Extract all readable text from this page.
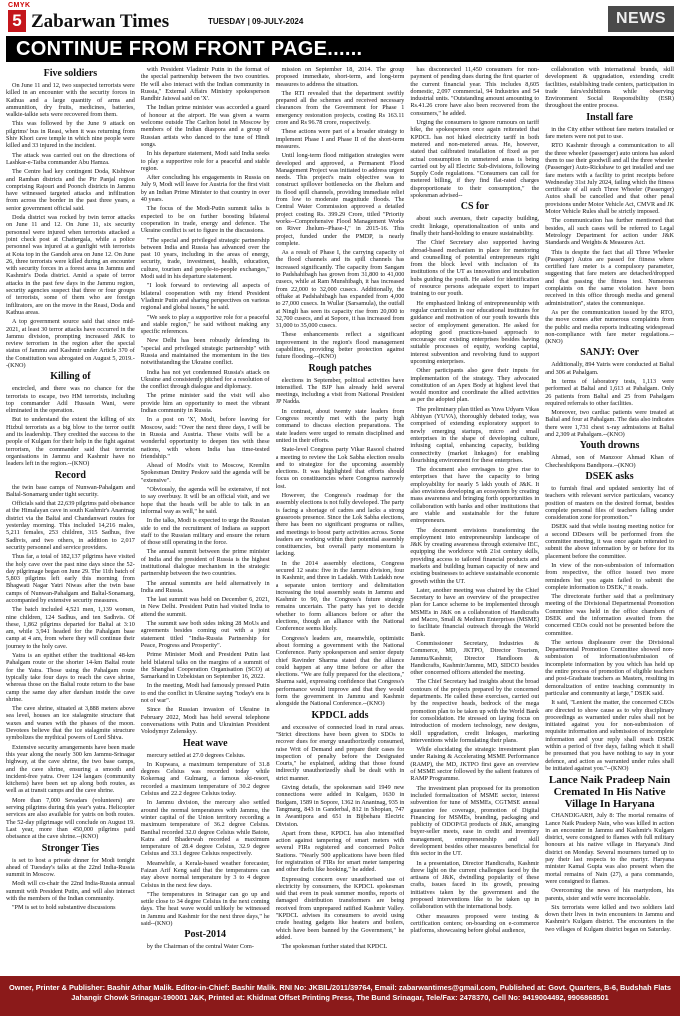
CMYK
5 Zabarwan Times	TUESDAY | 09-JULY-2024	NEWS
CONTINUE FROM FRONT PAGE......
Five soldiers

On June 11 and 12, two suspected terrorists were killed in an encounter with the security forces in Kathua and a large quantity of arms and ammunition, dry fruits, medicines, batteries, walkie-talkie sets were recovered from them.

This was followed by the June 9 attack on pilgrims' bus in Reasi, when it was returning from Shiv Khori cave temple in which nine people were killed and 33 injured in the incident.

The attack was carried out on the directions of Lashkar-e-Taiba commander Abu Hamza.

The Centre had key contingent Doda, Kishtwar and Ramban districts and the Pir Panjal region comprising Rajouri and Poonch districts in Jammu have witnessed targeted attacks and infiltration from across the border in the past three years, a senior government official said.

Doda district was rocked by twin terror attacks on June 11 and 12. On June 11, six security personnel were injured when terrorists attacked a joint check post at Chattergala, while a police personnel was injured at a gunfight with terrorists at Kota top in the Gandoh area on June 12. On June 26, three terrorists were killed during an encounter with security forces in a forest area in Jammu and Kashmir's Doda district. Amid a spate of terror attacks in the past few days in the Jammu region, security agencies suspect that three or four groups of terrorists, some of them who are foreign infiltrators, are on the move in the Reasi, Doda and Kathua areas.

A top government source said that since mid-2021, at least 30 terror attacks have occurred in the Jammu division, prompting increased J&K to review terrorism in the region after the special status of Jammu and Kashmir under Article 370 of the Constitution was abrogated on August 5, 2019.--(KNO)

Killing of

encircled, and there was no chance for the terrorists to escape, two HM terrorists, including top commander Adil Hussain Wani, were eliminated in the operation.

But to understand the extent the killing of six Hizbul terrorists as a big blow to the terror outfit and its leadership. They credited the success to the people of Kulgam for their help in the fight against terrorism, the commander said that terrorist organisations in Jammu and Kashmir have no leaders left in the region.--(KNO)

Record

the twin base camps of Nunwan-Pahalgam and Baltal-Sonamarg under tight security.

Officials said that 22,639 pilgrims paid obeisance at the Himalayan cave in south Kashmir's Anantnag district via the Baltal and Chandanwari routes for yesterday morning. This included 14,216 males, 5,211 females, 253 children, 315 Sadhus, five Sadhvis, and two others, in addition to 2,017 security personnel and service providers.

Thus far, a total of 182,137 pilgrims have visited the holy cave over the past nine days since the 52-day pilgrimage began on June 29. The 11th batch of 5,803 pilgrims left early this morning from Bhagwati Nagar Yatri Niwas after the twin base camps of Nunwan-Pahalgam and Baltal-Sonamarg, accompanied by extensive security measures.

The batch included 4,521 men, 1,139 women, nine children, 124 Sadhus, and ten Sadhvis. Of these, 1,862 pilgrims departed for Baltal at 3:10 am, while 3,941 headed for the Pahalgam base camp at 4 am, from where they will continue their journey to the holy cave.

Yatra is an epithet either the traditional 48-km Pahalgam route or the shorter 14-km Baltal route for the Yatra. Those using the Pahalgam route typically take four days to reach the cave shrine, whereas those on the Baltal route return to the base camp the same day after darshan inside the cave shrine.

The cave shrine, situated at 3,888 meters above sea level, houses an ice stalagmite structure that waxes and wanes with the phases of the moon. Devotees believe that the ice stalagmite structure symbolizes the mythical powers of Lord Shiva.

Extensive security arrangements have been made this year along the nearly 300 km Jammu-Srinagar highway, at the cave shrine, the two base camps, and the cave shrine, ensuring a smooth and incident-free yatra. Over 124 langars (community kitchens) have been set up along both routes, as well as at transit camps and the cave shrine.

More than 7,000 Sevadars (volunteers) are serving pilgrims during this year's yatra. Helicopter services are also available for yatris on both routes. The 52-day pilgrimage will conclude on August 19. Last year, more than 450,000 pilgrims paid obeisance at the cave shrine.--(KNO)

Stronger Ties

is set to host a private dinner for Modi tonight ahead of Tuesday's talks at the 22nd India-Russia summit in Moscow.

Modi will co-chair the 22nd India-Russia annual summit with President Putin, and will also interact with the members of the Indian community.

"PM is set to hold substantive discussions

with President Vladimir Putin in the format of the special partnership between the two countries. He will also interact with the Indian community in Russia," External Affairs Ministry spokesperson Randhir Jaiswal said on 'X'.

The Indian prime minister was accorded a guard of honour at the airport. He was given a warm welcome outside The Carlton hotel in Moscow by members of the Indian diaspora and a group of Russian artists who danced to the tune of Hindi songs.

In his departure statement, Modi said India seeks to play a supportive role for a peaceful and stable region.

After concluding his engagements in Russia on July 9, Modi will leave for Austria for the first visit by an Indian Prime Minister to that country in over 40 years.

The focus of the Modi-Putin summit talks is expected to be on further boosting bilateral cooperation in trade, energy and defence. The Ukraine conflict is set to figure in the discussions.

"The special and privileged strategic partnership between India and Russia has advanced over the past 10 years, including in the areas of energy, security, trade, investment, health, education, culture, tourism and people-to-people exchanges," Modi said in his departure statement.

"I look forward to reviewing all aspects of bilateral cooperation with my friend President Vladimir Putin and sharing perspectives on various regional and global issues," he said.

"We seek to play a supportive role for a peaceful and stable region," he said without making any specific references.

New Delhi has been robustly defending its "special and privileged strategic partnership" with Russia and maintained the momentum in the ties notwithstanding the Ukraine conflict.

India has not yet condemned Russia's attack on Ukraine and consistently pitched for a resolution of the conflict through dialogue and diplomacy.

The prime minister said the visit will also provide him an opportunity to meet the vibrant Indian community in Russia.

In a post on 'X', Modi, before leaving for Moscow, said: "Over the next three days, I will be in Russia and Austria. These visits will be a wonderful opportunity to deepen ties with these nations, with whom India has time-tested friendship."

Ahead of Modi's visit to Moscow, Kremlin Spokesman Dmitry Peskov said the agenda will be "extensive".

"Obviously, the agenda will be extensive, if not to say overbusy. It will be an official visit, and we hope that the heads will be able to talk in an informal way as well," he said.

In the talks, Modi is expected to urge the Russian side to end the recruitment of Indians as support staff to the Russian military and ensure the return of those still operating in the force.

The annual summit between the prime minister of India and the president of Russia is the highest institutional dialogue mechanism in the strategic partnership between the two countries.

The annual summits are held alternatively in India and Russia.

The last summit was held on December 6, 2021, in New Delhi. President Putin had visited India to attend the summit.

The summit saw both sides inking 28 MoUs and agreements besides coming out with a joint statement titled "India-Russia Partnership for Peace, Progress and Prosperity".

Prime Minister Modi and President Putin last held bilateral talks on the margins of a summit of the Shanghai Cooperation Organisation (SCO) at Samarkand in Uzbekistan on September 16, 2022.

In the meeting, Modi had famously pressed Putin to end the conflict in Ukraine saying "today's era is not of war".

Since the Russian invasion of Ukraine in February 2022, Modi has held several telephone conversations with Putin and Ukrainian President Volodymyr Zelenskyy.

Heat wave

mercury settled at 27.0 degrees Celsius.

In Kupwara, a maximum temperature of 31.8 degrees Celsius was recorded today while Kokernag and Gulmarg, a famous ski-resort, recorded a maximum temperature of 30.2 degree Celsius and 22.2 degree Celsius today.

In Jammu division, the mercury also settled around the normal temperatures with Jammu, the winter capital of the Union territory recording a maximum temperature of 36.2 degree Celsius. Banihal recorded 32.0 degree Celsius while Batote, Katra and Bhaderwah recorded a maximum temperature of 28.4 degree Celsius, 32.9 degree Celsius and 33.1 degree Celsius respectively.

Meanwhile, a Kerala-based weather forecaster, Faizan Arif Keng said that the temperatures can stay above normal temperature by 3 to 4 degree Celsius in the next few days.

"The temperatures in Srinagar can go up and settle close to 34 degree Celsius in the next coming days. The heat wave would unlikely be witnessed in Jammu and Kashmir for the next three days," he said--(KNO)

Post-2014

by the Chairman of the central Water Com-

mission on September 18, 2014. The group proposed immediate, short-term, and long-term measures to address the situation.

The RTI revealed that the department swiftly prepared all the schemes and received necessary clearances from the Government for Phase 1 emergency restoration projects, costing Rs 163.11 crore and Rs 96.78 crore, respectively.

These actions were part of a broader strategy to implement Phase I and Phase II of the short-term measures.

Until long-term flood mitigation strategies were developed and approved, a Permanent Flood Management Project was initiated to address urgent needs. This project's main objective was to construct spillover bottlenecks on the Jhelum and its flood spill channels, providing immediate relief from low to moderate magnitude floods. The Central Water Commission approved a detailed project costing Rs. 399.29 Crore, titled "Priority works--Comprehensive Flood Management Works on River Jhelum--Phase-I," in 2015-16. This project, funded under the PMDP, is nearly complete.

As a result of Phase I, the carrying capacity of the flood channels and its spill channels has increased significantly. The capacity from Sangam to Padshahibagh has grown from 31,800 to 41,000 cusecs, while at Ram Munshibagh, it has increased from 22,000 to 32,000 cusecs. Additionally, the offtake at Padshahibagh has expanded from 4,000 to 27,000 cusecs. In Wullar (Sarsamula), the outfall at Ningli has seen its capacity rise from 20,000 to 32,700 cusecs, and at Sopore, it has increased from 31,000 to 35,000 cusecs.

These enhancements reflect a significant improvement in the region's flood management capabilities, providing better protection against future flooding.--(KNO)

Rough patches

elections in September, political activities have intensified. The BJP has already held several meetings, including a visit from National President JP Nadda.

In contrast, about twenty state leaders from Congress recently met with the party high command to discuss election preparations. The state leaders were urged to remain disciplined and united in their efforts.

State-level Congress party Vikar Rasool chaired a meeting to review the Lok Sabha election results and to strategize for the upcoming assembly elections. It was highlighted that efforts should focus on constituencies where Congress narrowly lost.

However, the Congress's roadmap for the assembly elections is not fully developed. The party is facing a shortage of cadres and lacks a strong grassroots presence. Since the Lok Sabha elections, there has been no significant programs or rallies, and meetings to boost party activities across. Some leaders are working within their potential assembly constituencies, but overall party momentum is lacking.

In the 2014 assembly elections, Congress secured 12 seats: five in the Jammu division, four in Kashmir, and three in Ladakh. With Ladakh now a separate union territory and delimitation increasing the total assembly seats in Jammu and Kashmir to 90, the Congress's future strategy remains uncertain. The party has yet to decide whether to form alliances before or after the elections, though an alliance with the National Conference seems likely.

Congress's leaders are, meanwhile, optimistic about forming a government with the National Conference. Party spokesperson and senior deputy chief Ravinder Sharma stated that the alliance could happen at any time before or after the elections. "We are fully prepared for the elections," Sharma said, expressing confidence that Congress's performance would improve and that they would form the government in Jammu and Kashmir alongside the National Conference.--(KNO)

KPDCL adds

and excessive of connected load in rural areas. "Strict directions have been given to SDOs to recover dues for energy unauthorizedly consumed, raise Writ of Demand and prepare their cases for inspection of penalty before the Designated Courts," he explained, adding that those found indirectly unauthorizedly shall be dealt with in strict manner.

Giving details, the spokesman said 1949 new connections were added in Kulgam, 1630 in Budgam, 1589 in Sopore, 1362 in Anantnag, 935 in Tangmarg, 843 in Ganderbal, 812 in Shopian, 747 in Awantipora and 651 in Bijbehara Electric Division.

Apart from these, KPDCL has also intensified action against tampering of smart meters with several FIRs registered and concerned Police Stations. "Nearly 500 applications have been filed for registration of FIRs for smart meter tampering and other thefts like hooking," he added.

Expressing concern over unauthorised use of electricity by consumers, the KPDCL spokesman said that even in peak summer months, reports of damaged distribution transformers are being received from unprepared ratified Kashmir Valley. "KPDCL advises its consumers to avoid using crude heating gadgets like heaters and boilers, which have been banned by the Government," he added.

The spokesman further stated that KPDCL

has disconnected 11,450 consumers for non-payment of pending dues during the first quarter of the current financial year. This includes 8,605 domestic, 2,097 commercial, 94 Industries and 54 industrial units. "Outstanding amount amounting to Rs.41.26 crore have also been recovered from the consumers," he added.

Urging the consumers to ignore rumours on tariff hike, the spokesperson once again reiterated that KPDCL has not hiked electricity tariff in both metered and non-metered areas. He, however, stated that calibrated installation of fixed as per actual consumption in unmetered areas is being carried out by all Electric Sub-divisions, following Supply Code regulations. "Consumers can call for metered billing, if they find flat-rated charges disproportionate to their consumption," the spokesman advised--

CS for

about such avenues, their capacity building, credit linkage, operationalization of units and finally their hand-holding to ensure sustainability.

The Chief Secretary also supported having abroad-based mechanism in place for mentoring and counselling of potential entrepreneurs right from the block level with inclusion of its institutions of the UT as innovation and incubation hubs guiding the youth. He asked for identification of resource persons adequate expert to impart training to our youth.

He emphasized linking of entrepreneurship with regular curriculum in our educational institutes for guidance and motivation of our youth towards this sector of employment generation. He asked for adopting good practices-based approach to encourage our existing enterprises besides having suitable processes of equity, working capital, interest subvention and revolving fund to support upcoming enterprises.

Other participants also gave their inputs for implementation of the strategy. They advocated constitution of an Apex Body at highest level that would monitor and coordinate the allied activities as per the adopted plan.

The preliminary plan titled as Yuva Udyam Vikas Abhiyan (YUVA), thoroughly debated today, was comprised of extending exploratory support to newly emerging startups, micro and small enterprises in the shape of developing culture, infusing capital, enhancing capacity, building connectivity (market linkages) for enabling flourishing environment for these enterprises.

The document also envisages to give rise to enterprises that have the capacity to bring employability for nearly 5 lakh youth of J&K. It also envisions developing an ecosystem by creating mass awareness and bringing forth opportunities in collaboration with banks and other institutions that are viable and sustainable for the future entrepreneurs.

The document envisions transforming the employment into entrepreneurship landscape of J&K by creating awareness through extensive IEC, equipping the workforce with 21st century skills, providing access to tailored financial products and markets and building human capacity of new and existing businesses to achieve sustainable economic growth within the UT.

Later, another meeting was chaired by the Chief Secretary to have an overview of the prospective plan for Lance scheme to be implemented through MSMEs in J&K on a collaboration of Handicrafts and Macro, Small & Medium Enterprises (MSME) to facilitate financial outreach through the World Bank.

Commissioner Secretary, Industries & Commerce, MD, JKTPO, Director Tourism, Jammu/Kashmir, Director Handloom & Handicrafts, Kashmir/Jammu, MD, SIDCO besides other concerned officers attended the meeting.

The Chief Secretary had insights about the broad contours of the projects prepared by the concerned departments. He called these exercises, carried out by the respective heads, bedrock of the mega promotion plan to be taken up with the World Bank for consolidation. He stressed on laying focus on introduction of modern technology, new designs, skill upgradation, credit linkages, marketing interventions while formulating their plans.

While elucidating the strategic investment plan under Raising & Accelerating MSME Performance (RAMP), the MD, JKTPO first gave an overview of MSME sector followed by the salient features of RAMP Programme.

The investment plan proposed for its promotion included formalization of MSME sector, interest subvention for tune of MSMEs, CGTMSE annual guarantee fee coverage, promotion of Digital Financing for MSMEs, branding, packaging and publicity of ODOP/GI products of J&K, arranging buyer-seller meets, ease in credit and inventory management, entrepreneurship and skill development besides other measures beneficial for this sector in the UT.

In a presentation, Director Handicrafts, Kashmir threw light on the current challenges faced by the artisans of J&K, dwindling popularity of these crafts, issues faced in its growth, pressing initiatives taken by the government and the proposed interventions like to be taken up in collaboration with the international body.

Other measures proposed were testing & certification centers; on-boarding on e-commerce platforms, showcasing before global audience,

collaboration with international brands, skill development & upgradation, extending credit facilities, establishing trade centers, participation in trade fairs/exhibitions while observing Environment Social Responsibility (ESR) throughout the entire process.

Install fare

in the City either without fare meters installed or fare meters were not put to use.

RTO Kashmir through a communication to all the three wheeler (passenger) auto unions has asked them to use their goodwill and all the three wheeler (Passenger) Auto-Rickshaw to get installed and use fare meters with a facility to print receipts before Wednesday 31st July 2024, failing which the fitness certificate of all such Three Wheeler (Passenger) Autos shall be cancelled and that other penal provisions under Motor Vehicle Act, CMVR and JK Motor Vehicle Rules shall be strictly imposed.

The communication has further mentioned that besides, all such cases will be referred to Legal Metrology Department for action under J&K Standards and Weights & Measures Act.

This is despite the fact that all Three Wheeler (Passenger) Autos are passed for fitness where certified fare meter is a compulsory parameter, suggesting that fare meters are detached/dropped and that passing the fitness test. Numerous complaints on the same violation have been received in this office through media and general administration", states the communique.

As per the communication issued by the RTO, the move comes after numerous complaints from the public and media reports indicating widespread non-compliance with fare meter regulations.--(KNO)

SANJY: Over

Additionally, 894 Yatris were conducted at Baltal and 306 at Pahalgam.

In terms of laboratory tests, 1,113 were performed at Baltal and 1,613 at Pahalgam. Only 26 patients from Baltal and 25 from Pahalgam required referrals to other facilities.

Moreover, two cardiac patients were treated at Baltal and four at Pahalgam. The data also indicates there were 1,731 chest x-ray admissions at Baltal and 2,309 at Pahalgam.--(KNO)

Youth drowns

Ahmad, son of Manzoor Ahmad Khan of Checheshikpora Bandipora.--(KNO)

DSEK asks

to furnish final and updated seniority list of teachers with relevant service particulars, vacancy position of masters on the desired format, besides complete personal files of teachers falling under consideration zone for promotion."

DSEK said that while issuing meeting notice for a second DDesers will be performed from the committee meeting, it was once again reiterated to submit the above information by or before for its placement before the committee.

In view of the non-submission of information from respective, the office issued two more reminders but you again failed to submit the complete information to DSEK," it reads.

The directorate further said that a preliminary meeting of the Divisional Departmental Promotion Committee was held in the office chambers of DSEK and the information awaited from the concerned CEOs could not be presented before the committee.

The serious displeasure over the Divisional Departmental Promotion Committee showed non-submission of information/submission of incomplete information by you which has held up the entire process of promotion of eligible teachers and post-Graduate teachers as Masters, resulting in demoralization of entire teaching community in particular and community at large," DSEK said.

It said, "Lenient the matter, the concerned CEOs are directed to show cause as to why disciplinary proceedings as warranted under rules shall not be initiated against you for non-submission of requisite information and submission of incomplete information and your reply shall reach DSEK within a period of five days, failing which it shall be presumed that you have nothing to say in your defence, and action as warranted under rules shall be initiated against you."--(KNO)

Lance Naik Pradeep Nain Cremated In His Native Village In Haryana

CHANDIGARH, July 8: The mortal remains of Lance Naik Pradeep Nain, who was killed in action in an encounter in Jammu and Kashmir's Kulgam district, were consigned to flames with full military honours at his native village in Haryana's Jind district on Monday. Several mourners turned up to pay their last respects to the martyr. Haryana minister Kamal Gupta was also present when the mortal remains of Nain (27), a para commando, were consigned to flames.

Overcoming the news of his martyrdom, his parents, sister and wife were inconsolable.

Six terrorists were killed and two soldiers laid down their lives in twin encounters in Jammu and Kashmir's Kulgam district. The encounters in the two villages of Kulgam district began on Saturday.

Owner, Printer & Publisher: Bashir Athar Malik. Editor-in-Chief: Bashir Malik. RNI No: JKBIL/2011/39764, Email: zabarwantimes@gmail.com, Published at: Govt. Quarters, B-6, Budshah Flats
Jahangir Chowk Srinagar-190001 J&K, Printed at: Khidmat Offset Printing Press, The Bund Srinagar, Tele/Fax: 2478370, Cell No: 9419004492, 9906868501
